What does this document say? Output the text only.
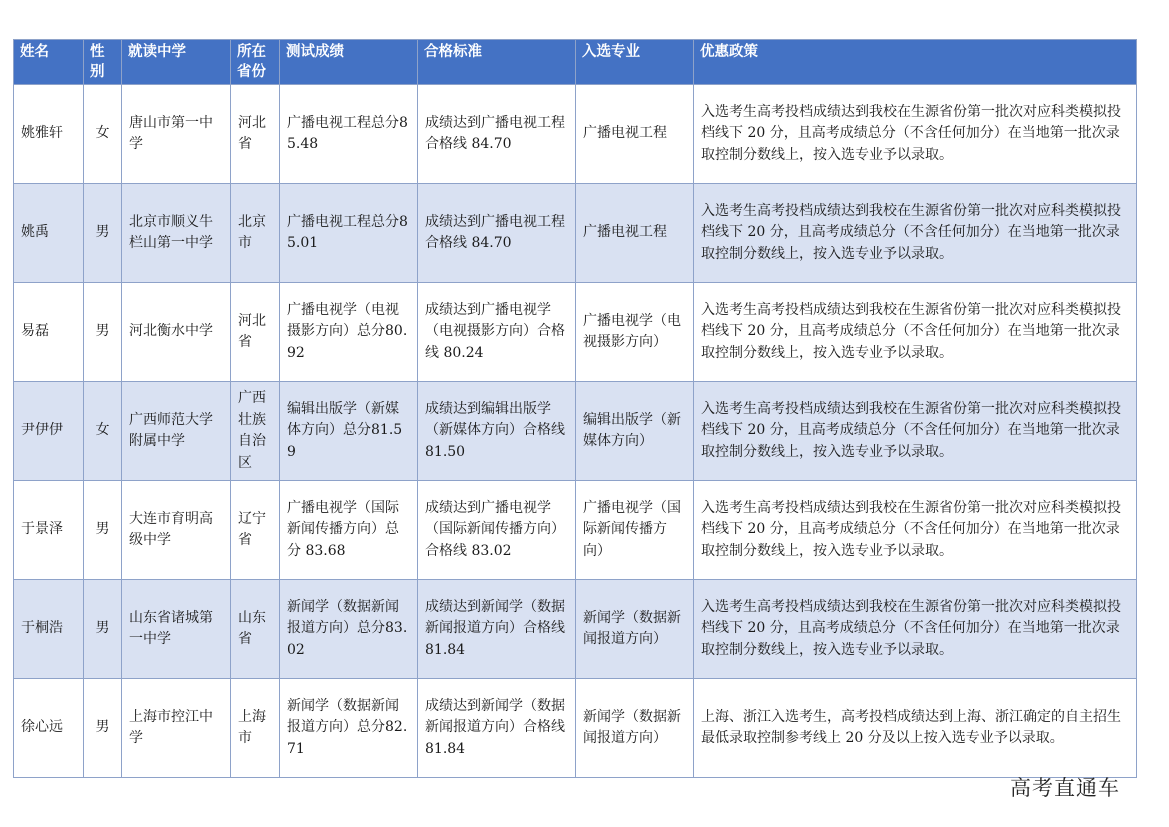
姓名	性别	就读中学	所在省份	测试成绩	合格标准	入选专业	优惠政策
姚雅轩	女	唐山市第一中学	河北省	广播电视工程总分85.48	成绩达到广播电视工程合格线 84.70	广播电视工程	入选考生高考投档成绩达到我校在生源省份第一批次对应科类模拟投档线下 20 分，且高考成绩总分（不含任何加分）在当地第一批次录取控制分数线上，按入选专业予以录取。
姚禹	男	北京市顺义牛栏山第一中学	北京市	广播电视工程总分85.01	成绩达到广播电视工程合格线 84.70	广播电视工程	入选考生高考投档成绩达到我校在生源省份第一批次对应科类模拟投档线下 20 分，且高考成绩总分（不含任何加分）在当地第一批次录取控制分数线上，按入选专业予以录取。
易磊	男	河北衡水中学	河北省	广播电视学（电视摄影方向）总分80.92	成绩达到广播电视学（电视摄影方向）合格线 80.24	广播电视学（电视摄影方向）	入选考生高考投档成绩达到我校在生源省份第一批次对应科类模拟投档线下 20 分，且高考成绩总分（不含任何加分）在当地第一批次录取控制分数线上，按入选专业予以录取。
尹伊伊	女	广西师范大学附属中学	广西壮族自治区	编辑出版学（新媒体方向）总分81.59	成绩达到编辑出版学（新媒体方向）合格线 81.50	编辑出版学（新媒体方向）	入选考生高考投档成绩达到我校在生源省份第一批次对应科类模拟投档线下 20 分，且高考成绩总分（不含任何加分）在当地第一批次录取控制分数线上，按入选专业予以录取。
于景泽	男	大连市育明高级中学	辽宁省	广播电视学（国际新闻传播方向）总分 83.68	成绩达到广播电视学（国际新闻传播方向）合格线 83.02	广播电视学（国际新闻传播方向）	入选考生高考投档成绩达到我校在生源省份第一批次对应科类模拟投档线下 20 分，且高考成绩总分（不含任何加分）在当地第一批次录取控制分数线上，按入选专业予以录取。
于桐浩	男	山东省诸城第一中学	山东省	新闻学（数据新闻报道方向）总分83.02	成绩达到新闻学（数据新闻报道方向）合格线 81.84	新闻学（数据新闻报道方向）	入选考生高考投档成绩达到我校在生源省份第一批次对应科类模拟投档线下 20 分，且高考成绩总分（不含任何加分）在当地第一批次录取控制分数线上，按入选专业予以录取。
徐心远	男	上海市控江中学	上海市	新闻学（数据新闻报道方向）总分82.71	成绩达到新闻学（数据新闻报道方向）合格线 81.84	新闻学（数据新闻报道方向）	上海、浙江入选考生，高考投档成绩达到上海、浙江确定的自主招生最低录取控制参考线上 20 分及以上按入选专业予以录取。
高考直通车
